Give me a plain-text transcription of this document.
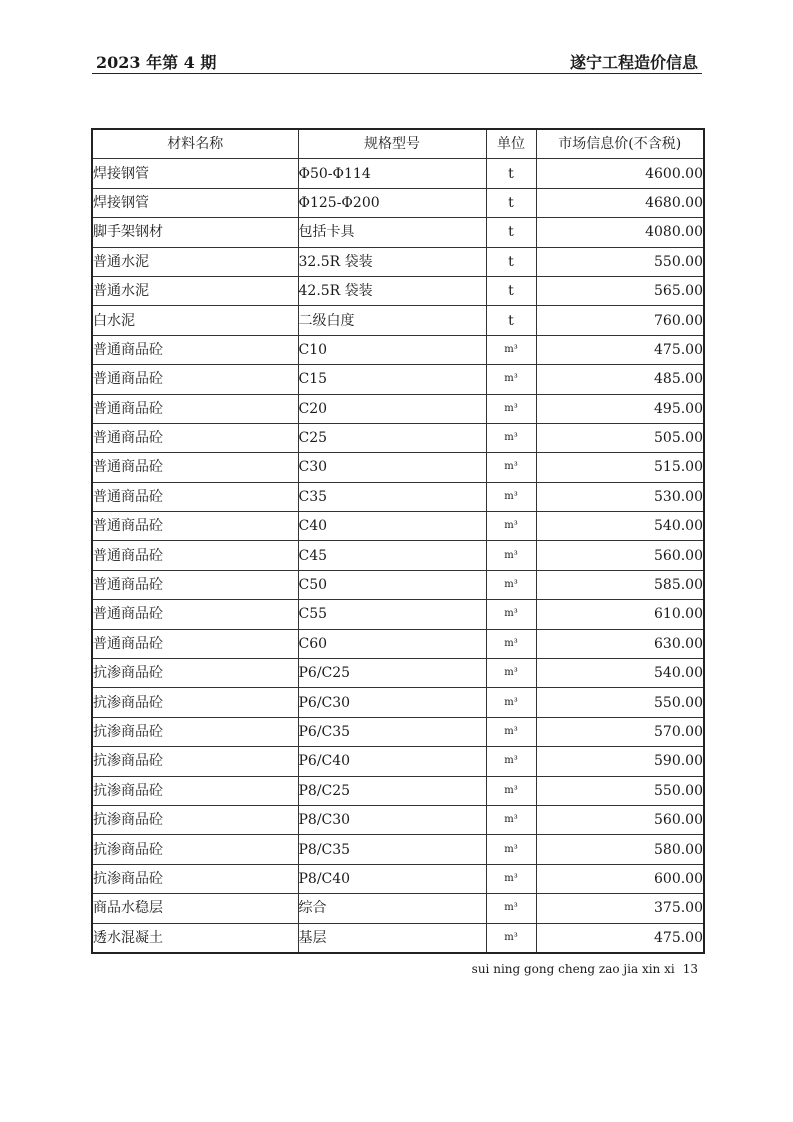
2023 年第 4 期	遂宁工程造价信息
材料名称	规格型号	单位	市场信息价(不含税)
焊接钢管	Φ50-Φ114	t	4600.00
焊接钢管	Φ125-Φ200	t	4680.00
脚手架钢材	包括卡具	t	4080.00
普通水泥	32.5R 袋装	t	550.00
普通水泥	42.5R 袋装	t	565.00
白水泥	二级白度	t	760.00
普通商品砼	C10	m³	475.00
普通商品砼	C15	m³	485.00
普通商品砼	C20	m³	495.00
普通商品砼	C25	m³	505.00
普通商品砼	C30	m³	515.00
普通商品砼	C35	m³	530.00
普通商品砼	C40	m³	540.00
普通商品砼	C45	m³	560.00
普通商品砼	C50	m³	585.00
普通商品砼	C55	m³	610.00
普通商品砼	C60	m³	630.00
抗渗商品砼	P6/C25	m³	540.00
抗渗商品砼	P6/C30	m³	550.00
抗渗商品砼	P6/C35	m³	570.00
抗渗商品砼	P6/C40	m³	590.00
抗渗商品砼	P8/C25	m³	550.00
抗渗商品砼	P8/C30	m³	560.00
抗渗商品砼	P8/C35	m³	580.00
抗渗商品砼	P8/C40	m³	600.00
商品水稳层	综合	m³	375.00
透水混凝土	基层	m³	475.00
sui ning gong cheng zao jia xin xi 13
